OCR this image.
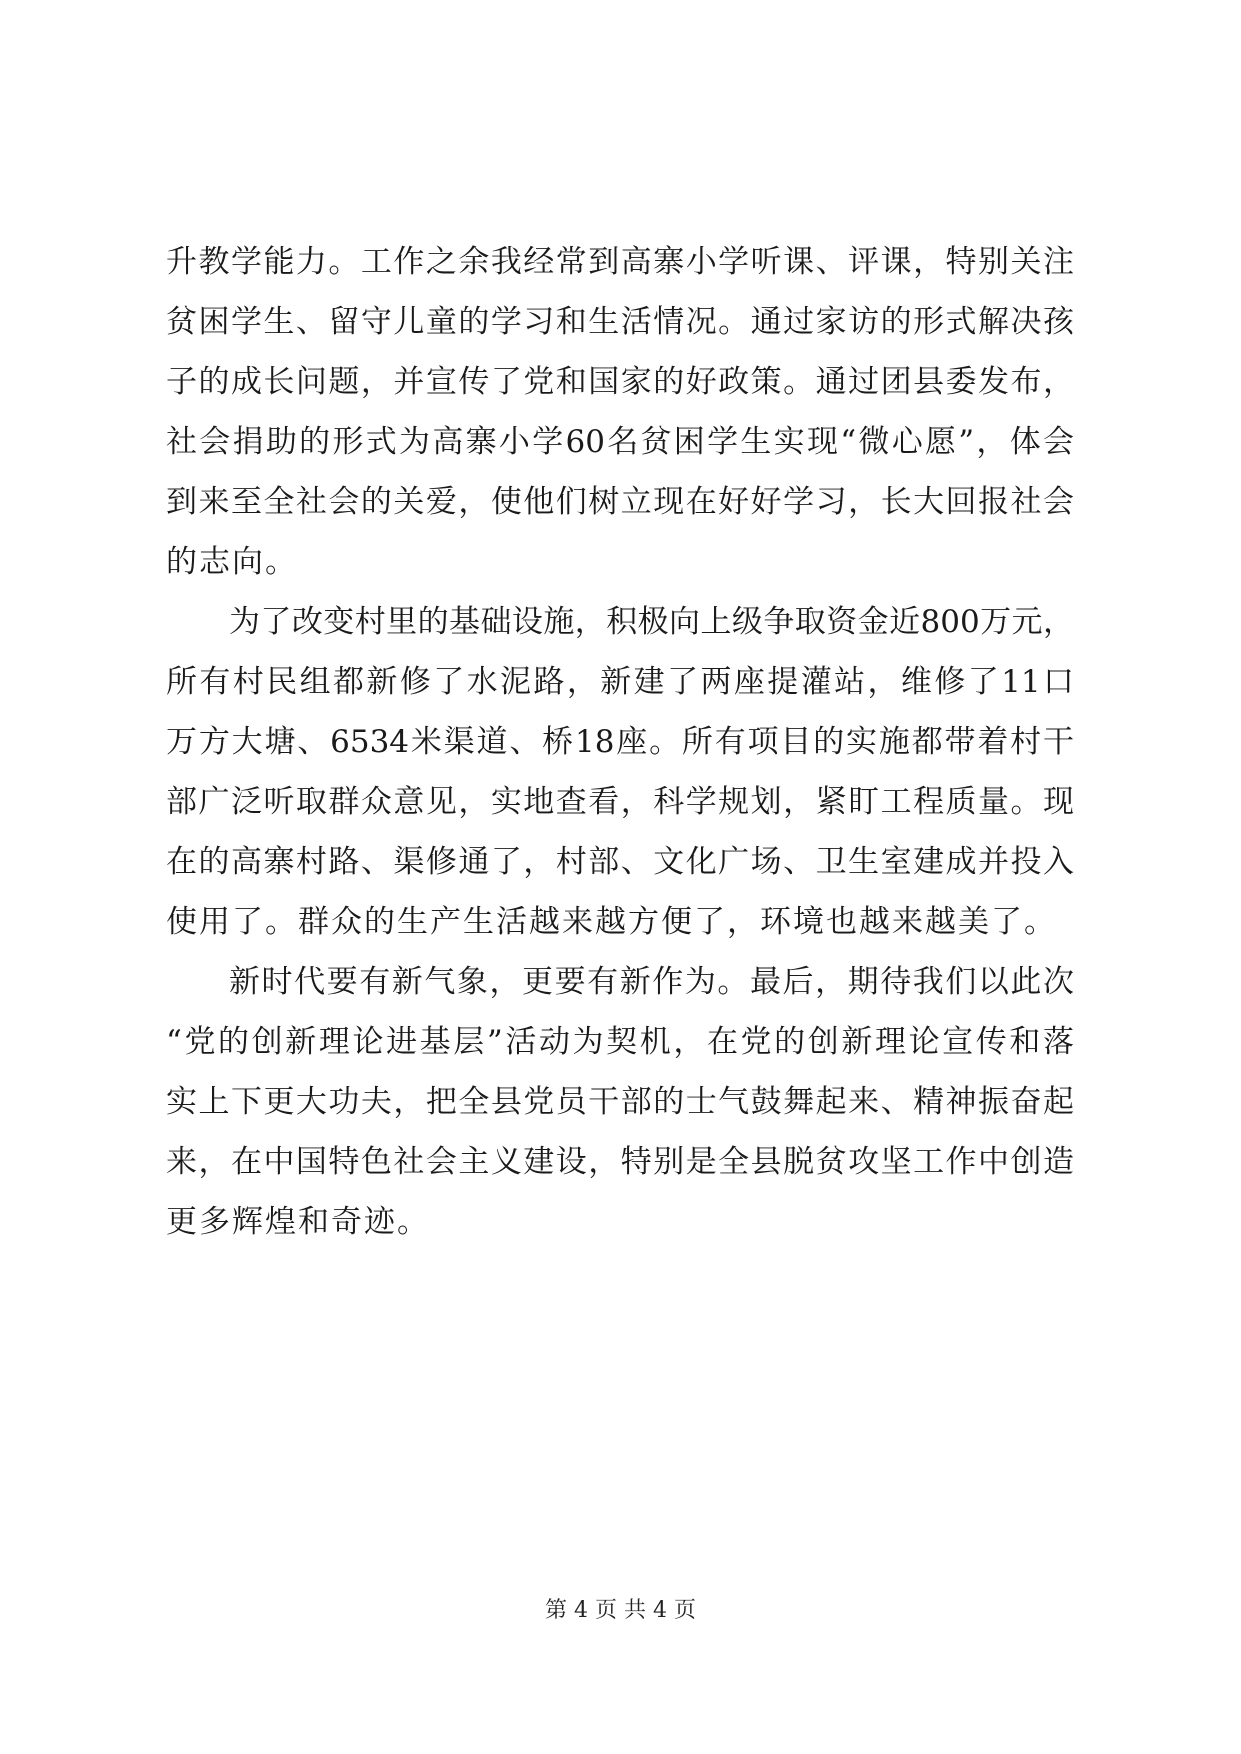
升教学能力。工作之余我经常到高寨小学听课、评课，特别关注
贫困学生、留守儿童的学习和生活情况。通过家访的形式解决孩
子的成长问题，并宣传了党和国家的好政策。通过团县委发布，
社会捐助的形式为高寨小学60名贫困学生实现“微心愿”，体会
到来至全社会的关爱，使他们树立现在好好学习，长大回报社会
的志向。
为了改变村里的基础设施，积极向上级争取资金近800万元，
所有村民组都新修了水泥路，新建了两座提灌站，维修了11口
万方大塘、6534米渠道、桥18座。所有项目的实施都带着村干
部广泛听取群众意见，实地查看，科学规划，紧盯工程质量。现
在的高寨村路、渠修通了，村部、文化广场、卫生室建成并投入
使用了。群众的生产生活越来越方便了，环境也越来越美了。
新时代要有新气象，更要有新作为。最后，期待我们以此次
“党的创新理论进基层”活动为契机，在党的创新理论宣传和落
实上下更大功夫，把全县党员干部的士气鼓舞起来、精神振奋起
来，在中国特色社会主义建设，特别是全县脱贫攻坚工作中创造
更多辉煌和奇迹。
第 4 页 共 4 页
